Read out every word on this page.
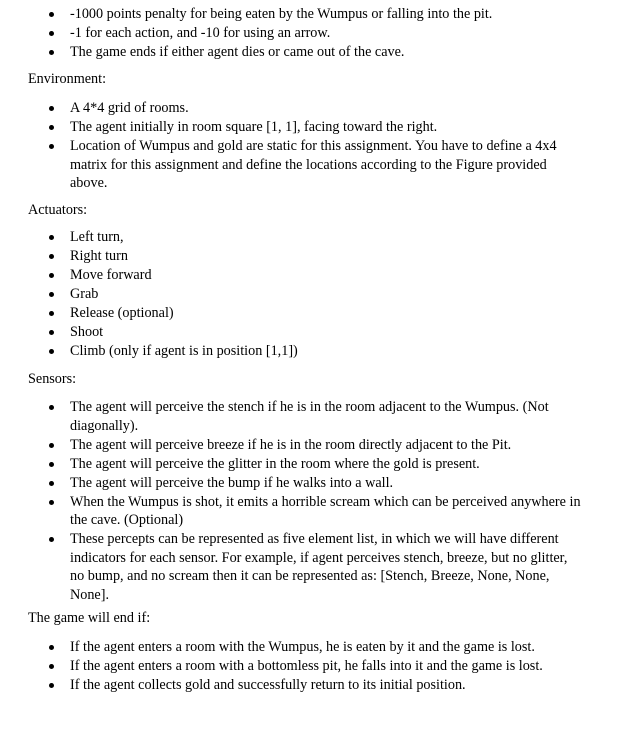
-1000 points penalty for being eaten by the Wumpus or falling into the pit.
-1 for each action, and -10 for using an arrow.
The game ends if either agent dies or came out of the cave.
Environment:
A 4*4 grid of rooms.
The agent initially in room square [1, 1], facing toward the right.
Location of Wumpus and gold are static for this assignment. You have to define a 4x4 matrix for this assignment and define the locations according to the Figure provided above.
Actuators:
Left turn,
Right turn
Move forward
Grab
Release (optional)
Shoot
Climb (only if agent is in position [1,1])
Sensors:
The agent will perceive the stench if he is in the room adjacent to the Wumpus. (Not diagonally).
The agent will perceive breeze if he is in the room directly adjacent to the Pit.
The agent will perceive the glitter in the room where the gold is present.
The agent will perceive the bump if he walks into a wall.
When the Wumpus is shot, it emits a horrible scream which can be perceived anywhere in the cave. (Optional)
These percepts can be represented as five element list, in which we will have different indicators for each sensor. For example, if agent perceives stench, breeze, but no glitter, no bump, and no scream then it can be represented as: [Stench, Breeze, None, None, None].
The game will end if:
If the agent enters a room with the Wumpus, he is eaten by it and the game is lost.
If the agent enters a room with a bottomless pit, he falls into it and the game is lost.
If the agent collects gold and successfully return to its initial position.
